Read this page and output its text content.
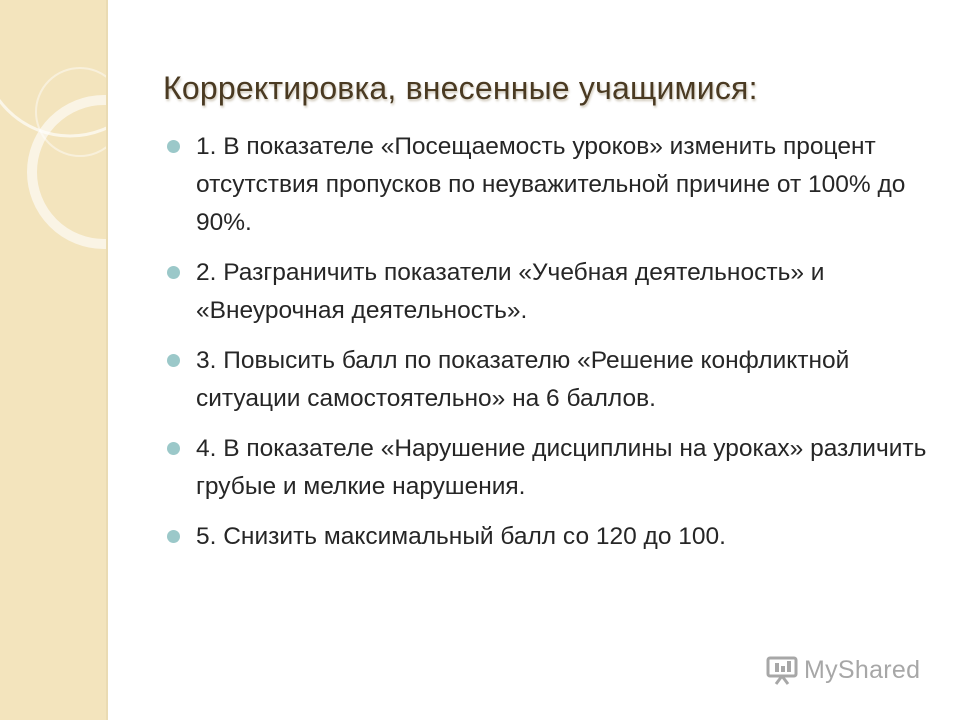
Корректировка, внесенные учащимися:
1. В показателе «Посещаемость уроков» изменить процент отсутствия пропусков по неуважительной причине от 100% до 90%.
2. Разграничить показатели «Учебная деятельность» и «Внеурочная деятельность».
3. Повысить балл по показателю «Решение конфликтной ситуации самостоятельно» на 6 баллов.
4. В показателе «Нарушение дисциплины на уроках» различить грубые и мелкие нарушения.
5. Снизить максимальный балл со 120 до 100.
MyShared
